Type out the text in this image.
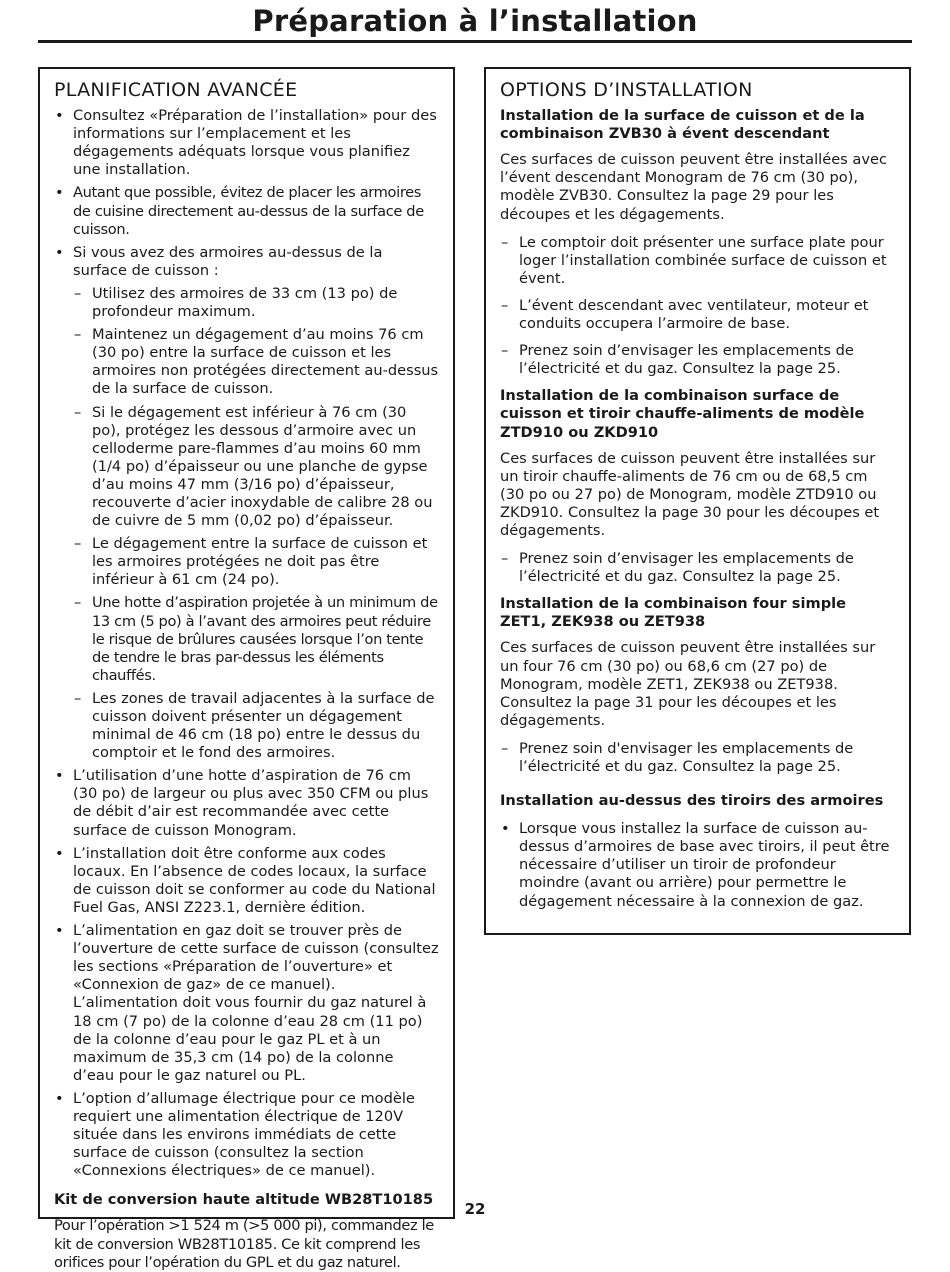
Préparation à l’installation
PLANIFICATION AVANCÉE
• Consultez «Préparation de l’installation» pour des informations sur l’emplacement et les dégagements adéquats lorsque vous planifiez une installation.
• Autant que possible, évitez de placer les armoires de cuisine directement au-dessus de la surface de cuisson.
• Si vous avez des armoires au-dessus de la surface de cuisson :
– Utilisez des armoires de 33 cm (13 po) de profondeur maximum.
– Maintenez un dégagement d’au moins 76 cm (30 po) entre la surface de cuisson et les armoires non protégées directement au-dessus de la surface de cuisson.
– Si le dégagement est inférieur à 76 cm (30 po), protégez les dessous d’armoire avec un celloderme pare-flammes d’au moins 60 mm (1/4 po) d’épaisseur ou une planche de gypse d’au moins 47 mm (3/16 po) d’épaisseur, recouverte d’acier inoxydable de calibre 28 ou de cuivre de 5 mm (0,02 po) d’épaisseur.
– Le dégagement entre la surface de cuisson et les armoires protégées ne doit pas être inférieur à 61 cm (24 po).
– Une hotte d’aspiration projetée à un minimum de 13 cm (5 po) à l’avant des armoires peut réduire le risque de brûlures causées lorsque l’on tente de tendre le bras par-dessus les éléments chauffés.
– Les zones de travail adjacentes à la surface de cuisson doivent présenter un dégagement minimal de 46 cm (18 po) entre le dessus du comptoir et le fond des armoires.
• L’utilisation d’une hotte d’aspiration de 76 cm (30 po) de largeur ou plus avec 350 CFM ou plus de débit d’air est recommandée avec cette surface de cuisson Monogram.
• L’installation doit être conforme aux codes locaux. En l’absence de codes locaux, la surface de cuisson doit se conformer au code du National Fuel Gas, ANSI Z223.1, dernière édition.
• L’alimentation en gaz doit se trouver près de l’ouverture de cette surface de cuisson (consultez les sections «Préparation de l’ouverture» et «Connexion de gaz» de ce manuel). L’alimentation doit vous fournir du gaz naturel à 18 cm (7 po) de la colonne d’eau 28 cm (11 po) de la colonne d’eau pour le gaz PL et à un maximum de 35,3 cm (14 po) de la colonne d’eau pour le gaz naturel ou PL.
• L’option d’allumage électrique pour ce modèle requiert une alimentation électrique de 120V située dans les environs immédiats de cette surface de cuisson (consultez la section «Connexions électriques» de ce manuel).
Kit de conversion haute altitude WB28T10185

Pour l’opération >1 524 m (>5 000 pi), commandez le kit de conversion WB28T10185. Ce kit comprend les orifices pour l’opération du GPL et du gaz naturel.

OPTIONS D’INSTALLATION
Installation de la surface de cuisson et de la combinaison ZVB30 à évent descendant

Ces surfaces de cuisson peuvent être installées avec l’évent descendant Monogram de 76 cm (30 po), modèle ZVB30. Consultez la page 29 pour les découpes et les dégagements.

– Le comptoir doit présenter une surface plate pour loger l’installation combinée surface de cuisson et évent.
– L’évent descendant avec ventilateur, moteur et conduits occupera l’armoire de base.
– Prenez soin d’envisager les emplacements de l’électricité et du gaz. Consultez la page 25.
Installation de la combinaison surface de cuisson et tiroir chauffe-aliments de modèle ZTD910 ou ZKD910

Ces surfaces de cuisson peuvent être installées sur un tiroir chauffe-aliments de 76 cm ou de 68,5 cm (30 po ou 27 po) de Monogram, modèle ZTD910 ou ZKD910. Consultez la page 30 pour les découpes et dégagements.

– Prenez soin d’envisager les emplacements de l’électricité et du gaz. Consultez la page 25.
Installation de la combinaison four simple ZET1, ZEK938 ou ZET938

Ces surfaces de cuisson peuvent être installées sur un four 76 cm (30 po) ou 68,6 cm (27 po) de Monogram, modèle ZET1, ZEK938 ou ZET938. Consultez la page 31 pour les découpes et les dégagements.

– Prenez soin d'envisager les emplacements de l’électricité et du gaz. Consultez la page 25.
Installation au-dessus des tiroirs des armoires
• Lorsque vous installez la surface de cuisson au-dessus d’armoires de base avec tiroirs, il peut être nécessaire d’utiliser un tiroir de profondeur moindre (avant ou arrière) pour permettre le dégagement nécessaire à la connexion de gaz.
22
